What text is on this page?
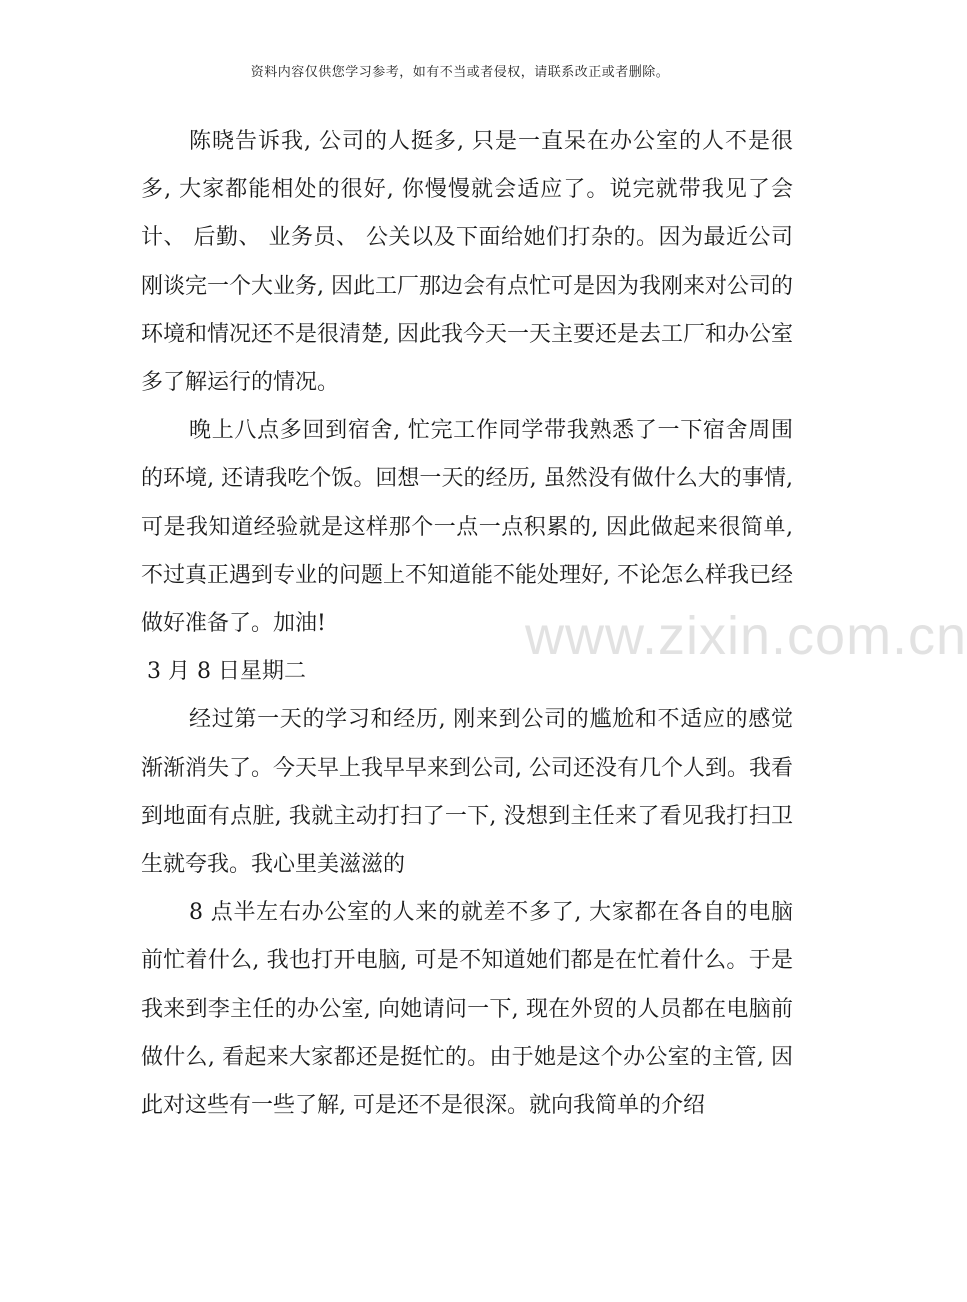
资料内容仅供您学习参考，如有不当或者侵权，请联系改正或者删除。
www.zixin.com.cn

陈晓告诉我, 公司的人挺多, 只是一直呆在办公室的人不是很多, 大家都能相处的很好, 你慢慢就会适应了。说完就带我见了会计、 后勤、 业务员、 公关以及下面给她们打杂的。因为最近公司刚谈完一个大业务, 因此工厂那边会有点忙可是因为我刚来对公司的环境和情况还不是很清楚, 因此我今天一天主要还是去工厂和办公室多了解运行的情况。

晚上八点多回到宿舍, 忙完工作同学带我熟悉了一下宿舍周围的环境, 还请我吃个饭。回想一天的经历, 虽然没有做什么大的事情, 可是我知道经验就是这样那个一点一点积累的, 因此做起来很简单, 不过真正遇到专业的问题上不知道能不能处理好, 不论怎么样我已经做好准备了。加油!

3 月 8 日星期二

经过第一天的学习和经历, 刚来到公司的尴尬和不适应的感觉渐渐消失了。今天早上我早早来到公司, 公司还没有几个人到。我看到地面有点脏, 我就主动打扫了一下, 没想到主任来了看见我打扫卫生就夸我。我心里美滋滋的

8 点半左右办公室的人来的就差不多了, 大家都在各自的电脑前忙着什么, 我也打开电脑, 可是不知道她们都是在忙着什么。于是我来到李主任的办公室, 向她请问一下, 现在外贸的人员都在电脑前做什么, 看起来大家都还是挺忙的。由于她是这个办公室的主管, 因此对这些有一些了解, 可是还不是很深。就向我简单的介绍
